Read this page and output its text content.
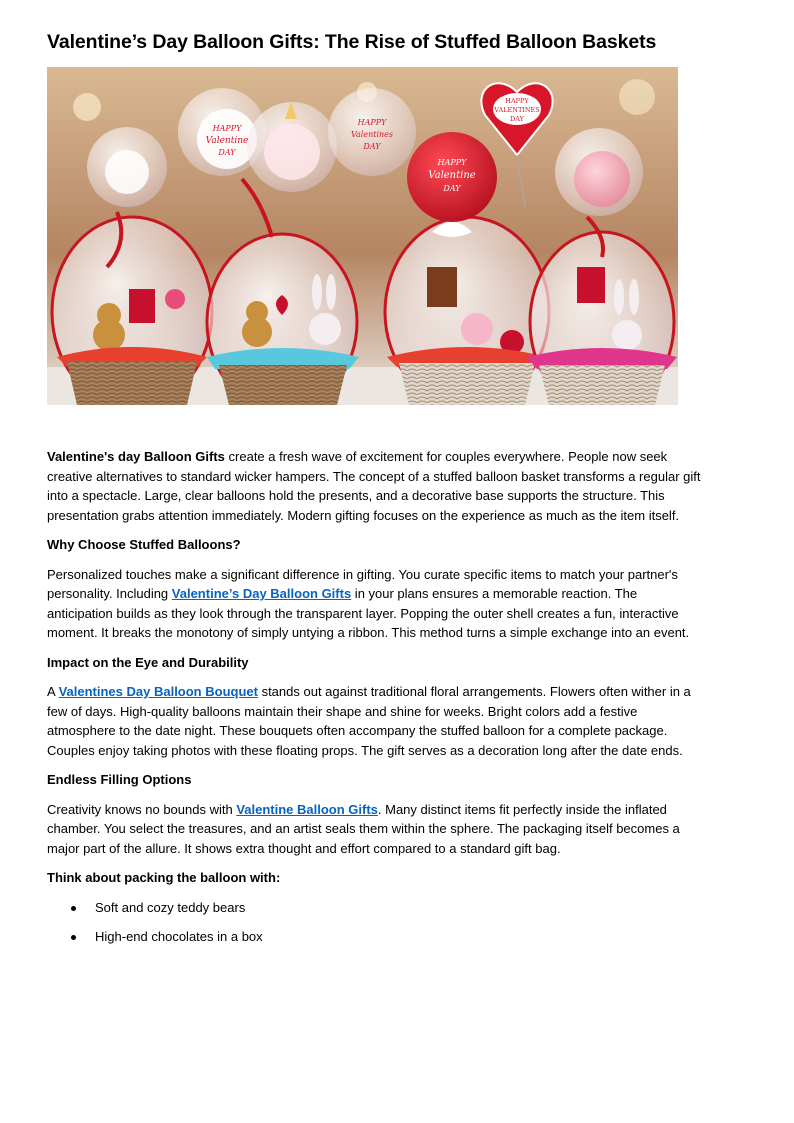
Valentine’s Day Balloon Gifts: The Rise of Stuffed Balloon Baskets
HAPPY
Valentine
DAY
HAPPY
Valentines
DAY
HAPPY
Valentine
DAY
HAPPY
VALENTINES
DAY

Valentine's day Balloon Gifts create a fresh wave of excitement for couples everywhere. People now seek creative alternatives to standard wicker hampers. The concept of a stuffed balloon basket transforms a regular gift into a spectacle. Large, clear balloons hold the presents, and a decorative base supports the structure. This presentation grabs attention immediately. Modern gifting focuses on the experience as much as the item itself.

Why Choose Stuffed Balloons?

Personalized touches make a significant difference in gifting. You curate specific items to match your partner's personality. Including Valentine’s Day Balloon Gifts in your plans ensures a memorable reaction. The anticipation builds as they look through the transparent layer. Popping the outer shell creates a fun, interactive moment. It breaks the monotony of simply untying a ribbon. This method turns a simple exchange into an event.

Impact on the Eye and Durability

A Valentines Day Balloon Bouquet stands out against traditional floral arrangements. Flowers often wither in a few of days. High-quality balloons maintain their shape and shine for weeks. Bright colors add a festive atmosphere to the date night. These bouquets often accompany the stuffed balloon for a complete package. Couples enjoy taking photos with these floating props. The gift serves as a decoration long after the date ends.

Endless Filling Options

Creativity knows no bounds with Valentine Balloon Gifts. Many distinct items fit perfectly inside the inflated chamber. You select the treasures, and an artist seals them within the sphere. The packaging itself becomes a major part of the allure. It shows extra thought and effort compared to a standard gift bag.

Think about packing the balloon with:

Soft and cozy teddy bears
High-end chocolates in a box
